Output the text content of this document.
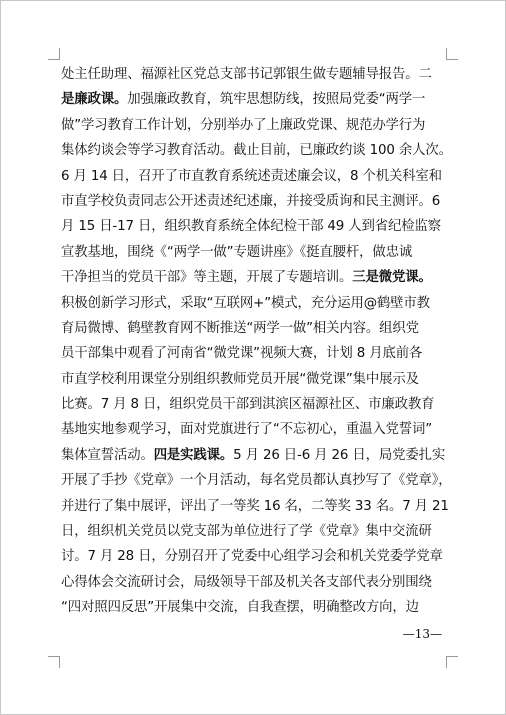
处主任助理、福源社区党总支部书记郭银生做专题辅导报告。二
是廉政课。加强廉政教育，筑牢思想防线，按照局党委“两学一
做”学习教育工作计划，分别举办了上廉政党课、规范办学行为
集体约谈会等学习教育活动。截止目前，已廉政约谈 100 余人次。
6 月 14 日，召开了市直教育系统述责述廉会议，8 个机关科室和
市直学校负责同志公开述责述纪述廉，并接受质询和民主测评。6
月 15 日-17 日，组织教育系统全体纪检干部 49 人到省纪检监察
宣教基地，围绕《“两学一做”专题讲座》《挺直腰杆，做忠诚
干净担当的党员干部》等主题，开展了专题培训。三是微党课。
积极创新学习形式，采取“互联网+”模式，充分运用@鹤壁市教
育局微博、鹤壁教育网不断推送“两学一做”相关内容。组织党
员干部集中观看了河南省“微党课”视频大赛，计划 8 月底前各
市直学校利用课堂分别组织教师党员开展“微党课”集中展示及
比赛。7 月 8 日，组织党员干部到淇滨区福源社区、市廉政教育
基地实地参观学习，面对党旗进行了“不忘初心，重温入党誓词”
集体宣誓活动。四是实践课。5 月 26 日-6 月 26 日，局党委扎实
开展了手抄《党章》一个月活动，每名党员都认真抄写了《党章》，
并进行了集中展评，评出了一等奖 16 名，二等奖 33 名。7 月 21
日，组织机关党员以党支部为单位进行了学《党章》集中交流研
讨。7 月 28 日，分别召开了党委中心组学习会和机关党委学党章
心得体会交流研讨会，局级领导干部及机关各支部代表分别围绕
“四对照四反思”开展集中交流，自我查摆，明确整改方向，边
—13—
